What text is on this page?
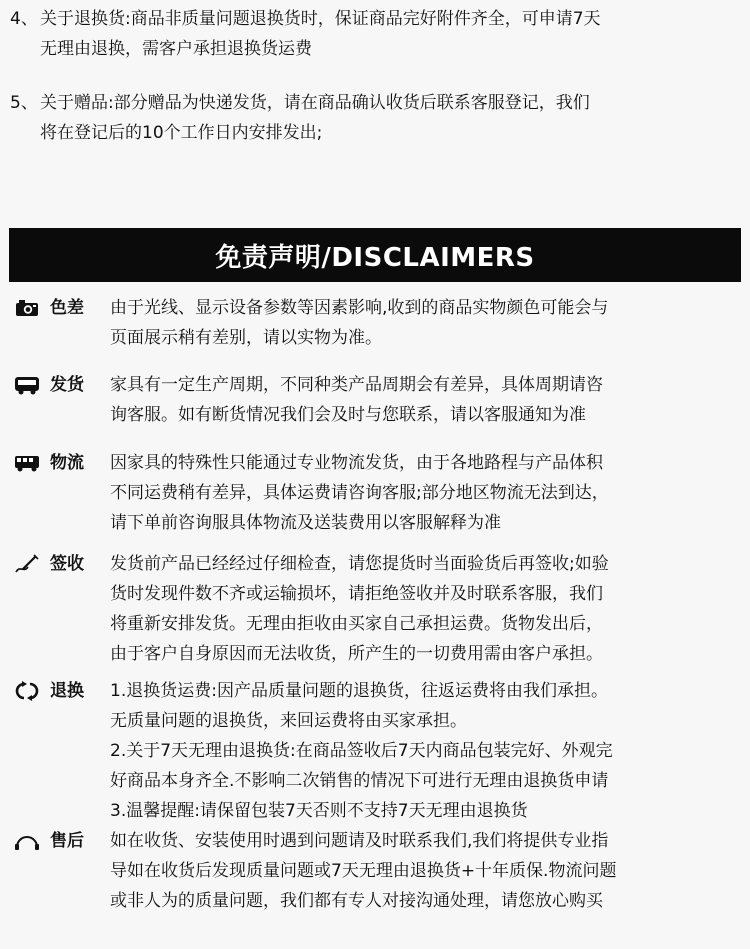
4、 关于退换货:商品非质量问题退换货时，保证商品完好附件齐全，可申请7天
无理由退换，需客户承担退换货运费
5、 关于赠品:部分赠品为快递发货，请在商品确认收货后联系客服登记，我们
将在登记后的10个工作日内安排发出;
免责声明/DISCLAIMERS
色差 由于光线、显示设备参数等因素影响,收到的商品实物颜色可能会与

页面展示稍有差别，请以实物为准。

发货 家具有一定生产周期，不同种类产品周期会有差异，具体周期请咨

询客服。如有断货情况我们会及时与您联系，请以客服通知为准

物流 因家具的特殊性只能通过专业物流发货，由于各地路程与产品体积

不同运费稍有差异，具体运费请咨询客服;部分地区物流无法到达，

请下单前咨询服具体物流及送装费用以客服解释为准

签收 发货前产品已经经过仔细检查，请您提货时当面验货后再签收;如验

货时发现件数不齐或运输损坏，请拒绝签收并及时联系客服，我们

将重新安排发货。无理由拒收由买家自己承担运费。货物发出后，

由于客户自身原因而无法收货，所产生的一切费用需由客户承担。

退换 1.退换货运费:因产品质量问题的退换货，往返运费将由我们承担。

无质量问题的退换货，来回运费将由买家承担。

2.关于7天无理由退换货:在商品签收后7天内商品包装完好、外观完

好商品本身齐全.不影响二次销售的情况下可进行无理由退换货申请

3.温馨提醒:请保留包装7天否则不支持7天无理由退换货

售后 如在收货、安装使用时遇到问题请及时联系我们,我们将提供专业指

导如在收货后发现质量问题或7天无理由退换货+十年质保.物流问题

或非人为的质量问题，我们都有专人对接沟通处理，请您放心购买
